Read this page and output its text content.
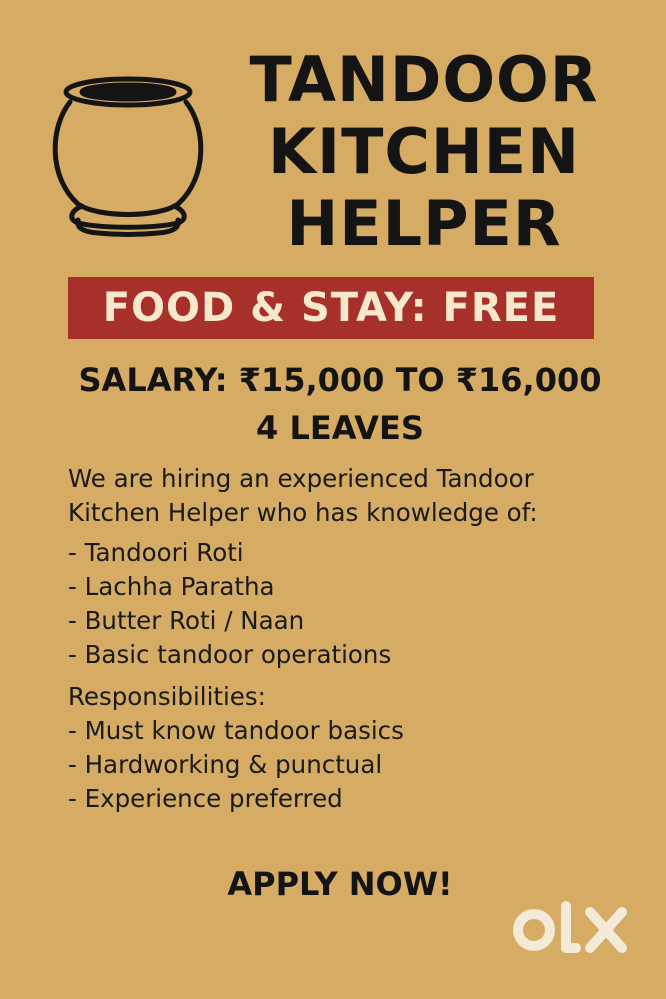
TANDOOR
KITCHEN
HELPER
FOOD & STAY: FREE
SALARY: ₹15,000 TO ₹16,000
4 LEAVES
We are hiring an experienced Tandoor
Kitchen Helper who has knowledge of:
- Tandoori Roti
- Lachha Paratha
- Butter Roti / Naan
- Basic tandoor operations
Responsibilities:
- Must know tandoor basics
- Hardworking & punctual
- Experience preferred
APPLY NOW!
